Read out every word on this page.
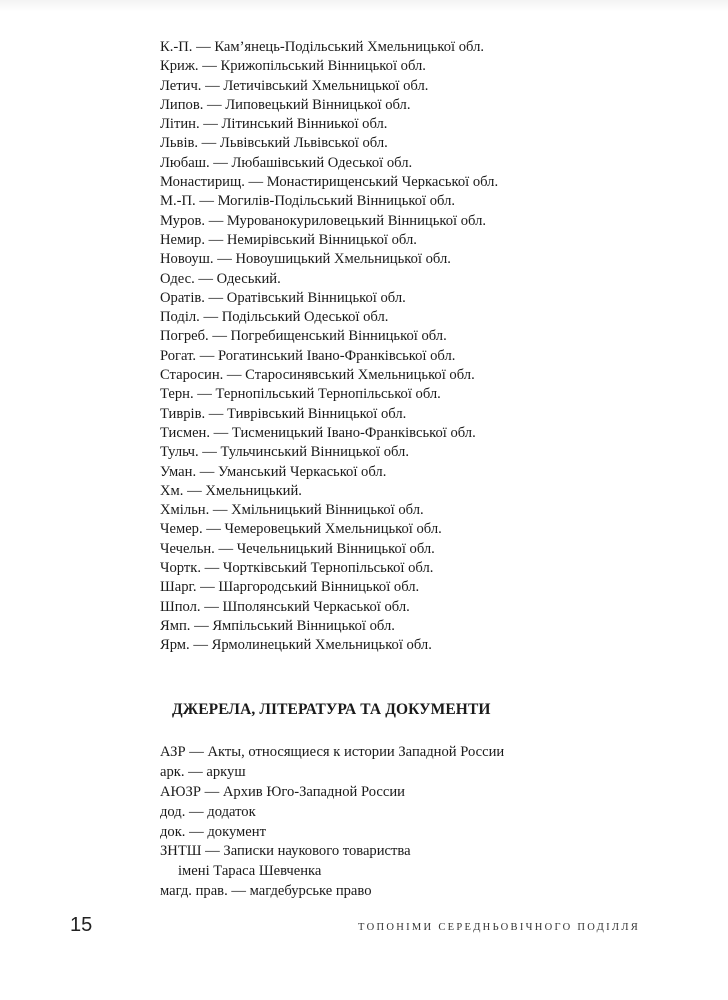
К.-П. — Кам’янець-Подільський Хмельницької обл.
Криж. — Крижопільський Вінницької обл.
Летич. — Летичівський Хмельницької обл.
Липов. — Липовецький Вінницької обл.
Літин. — Літинський Вінниької обл.
Львів. — Львівський Львівської обл.
Любаш. — Любашівський Одеської обл.
Монастирищ. — Монастирищенський Черкаської обл.
М.-П. — Могилів-Подільський Вінницької обл.
Муров. — Мурованокуриловецький Вінницької обл.
Немир. — Немирівський Вінницької обл.
Новоуш. — Новоушицький Хмельницької обл.
Одес. — Одеський.
Оратів. — Оратівський Вінницької обл.
Поділ. — Подільський Одеської обл.
Погреб. — Погребищенський Вінницької обл.
Рогат. — Рогатинський Івано-Франківської обл.
Старосин. — Старосинявський Хмельницької обл.
Терн. — Тернопільський Тернопільської обл.
Тиврів. — Тиврівський Вінницької обл.
Тисмен. — Тисменицький Івано-Франківської обл.
Тульч. — Тульчинський Вінницької обл.
Уман. — Уманський Черкаської обл.
Хм. — Хмельницький.
Хмільн. — Хмільницький Вінницької обл.
Чемер. — Чемеровецький Хмельницької обл.
Чечельн. — Чечельницький Вінницької обл.
Чортк. — Чортківський Тернопільської обл.
Шарг. — Шаргородський Вінницької обл.
Шпол. — Шполянський Черкаської обл.
Ямп. — Ямпільський Вінницької обл.
Ярм. — Ярмолинецький Хмельницької обл.
ДЖЕРЕЛА, ЛІТЕРАТУРА ТА ДОКУМЕНТИ
АЗР — Акты, относящиеся к истории Западной России
арк. — аркуш
АЮЗР — Архив Юго-Западной России
дод. — додаток
док. — документ
ЗНТШ — Записки наукового товариства
імені Тараса Шевченка
магд. прав. — магдебурське право
15	ТОПОНІМИ СЕРЕДНЬОВІЧНОГО ПОДІЛЛЯ
